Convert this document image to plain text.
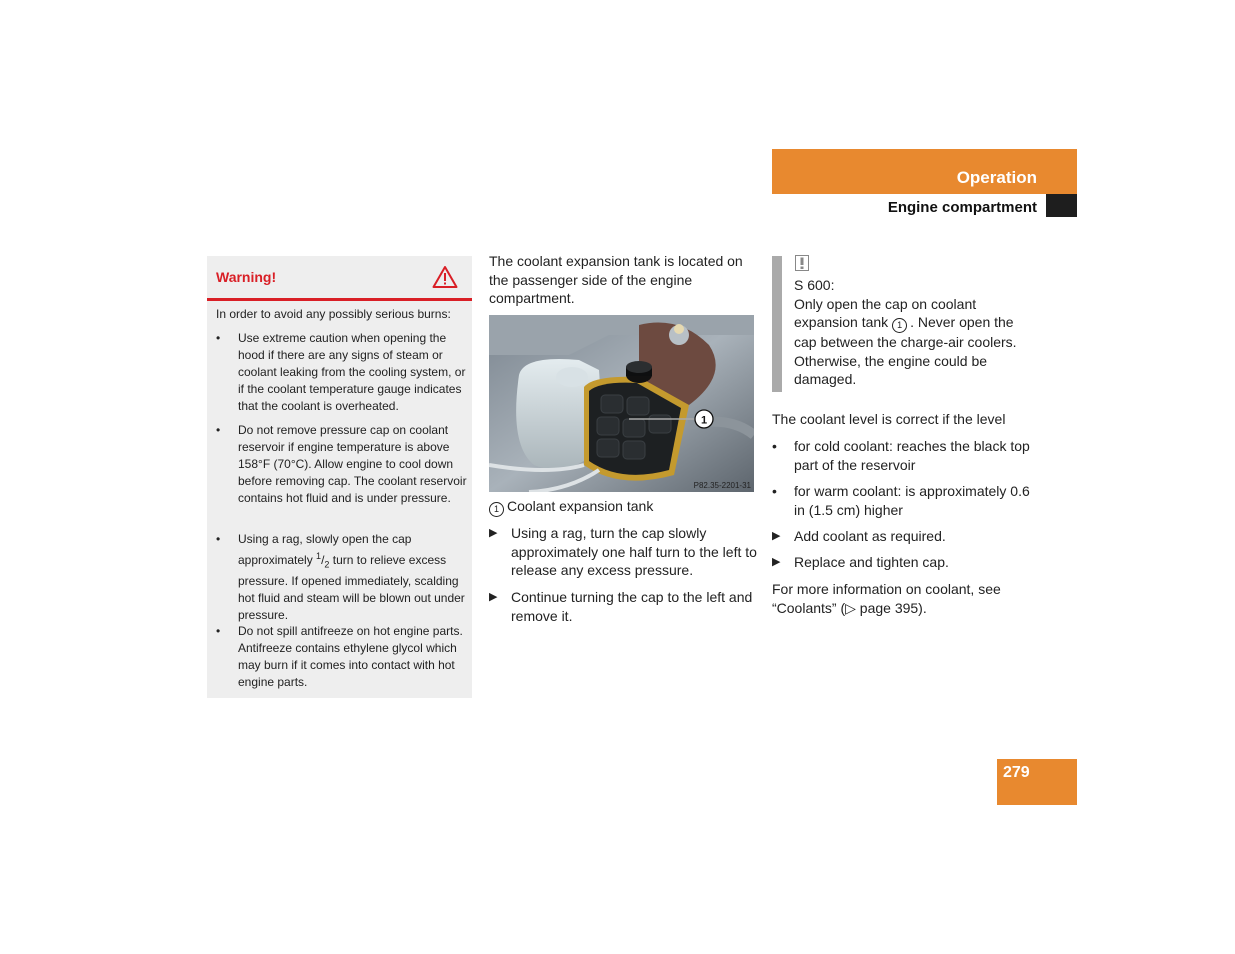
Operation
Engine compartment
Warning!
In order to avoid any possibly serious burns:
• Use extreme caution when opening the hood if there are any signs of steam or coolant leaking from the cooling system, or if the coolant temperature gauge indicates that the coolant is overheated.
• Do not remove pressure cap on coolant reservoir if engine temperature is above 158°F (70°C). Allow engine to cool down before removing cap. The coolant reservoir contains hot fluid and is under pressure.
• Using a rag, slowly open the cap approximately $^1/_2$ turn to relieve excess pressure. If opened immediately, scalding hot fluid and steam will be blown out under pressure.
• Do not spill antifreeze on hot engine parts. Antifreeze contains ethylene glycol which may burn if it comes into contact with hot engine parts.
The coolant expansion tank is located on the passenger side of the engine compartment.
1
P82.35-2201-31
1 Coolant expansion tank
▶ Using a rag, turn the cap slowly approximately one half turn to the left to release any excess pressure.
▶ Continue turning the cap to the left and remove it.
S 600:
Only open the cap on coolant expansion tank 1 . Never open the cap between the charge-air coolers. Otherwise, the engine could be damaged.
The coolant level is correct if the level
• for cold coolant: reaches the black top part of the reservoir
• for warm coolant: is approximately 0.6 in (1.5 cm) higher
▶ Add coolant as required.
▶ Replace and tighten cap.
For more information on coolant, see “Coolants” (▷ page 395).
279
